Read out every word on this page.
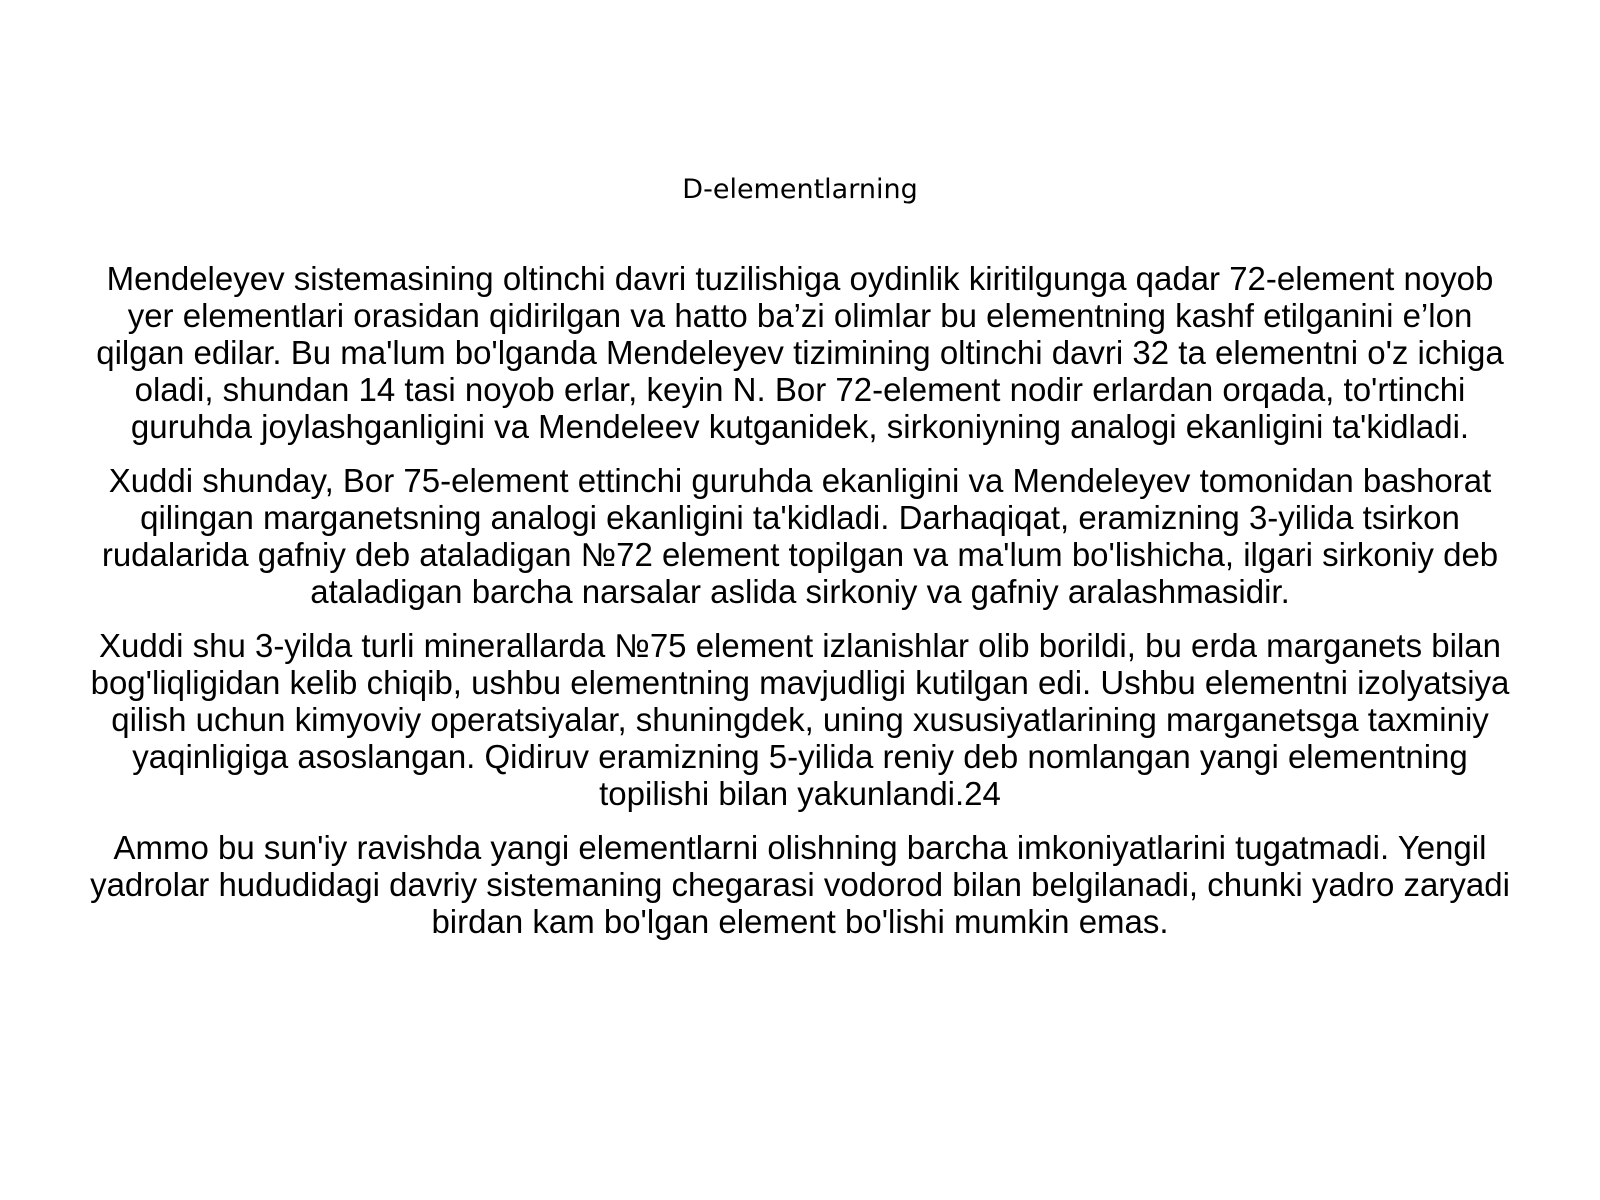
D-elementlarning

Mendeleyev sistemasining oltinchi davri tuzilishiga oydinlik kiritilgunga qadar 72-element noyob yer elementlari orasidan qidirilgan va hatto ba’zi olimlar bu elementning kashf etilganini e’lon qilgan edilar. Bu ma'lum bo'lganda Mendeleyev tizimining oltinchi davri 32 ta elementni o'z ichiga oladi, shundan 14 tasi noyob erlar, keyin N. Bor 72-element nodir erlardan orqada, to'rtinchi guruhda joylashganligini va Mendeleev kutganidek, sirkoniyning analogi ekanligini ta'kidladi.

Xuddi shunday, Bor 75-element ettinchi guruhda ekanligini va Mendeleyev tomonidan bashorat qilingan marganetsning analogi ekanligini ta'kidladi. Darhaqiqat, eramizning 3-yilida tsirkon rudalarida gafniy deb ataladigan №72 element topilgan va ma'lum bo'lishicha, ilgari sirkoniy deb ataladigan barcha narsalar aslida sirkoniy va gafniy aralashmasidir.

Xuddi shu 3-yilda turli minerallarda №75 element izlanishlar olib borildi, bu erda marganets bilan bog'liqligidan kelib chiqib, ushbu elementning mavjudligi kutilgan edi. Ushbu elementni izolyatsiya qilish uchun kimyoviy operatsiyalar, shuningdek, uning xususiyatlarining marganetsga taxminiy yaqinligiga asoslangan. Qidiruv eramizning 5-yilida reniy deb nomlangan yangi elementning topilishi bilan yakunlandi.24

Ammo bu sun'iy ravishda yangi elementlarni olishning barcha imkoniyatlarini tugatmadi. Yengil yadrolar hududidagi davriy sistemaning chegarasi vodorod bilan belgilanadi, chunki yadro zaryadi birdan kam bo'lgan element bo'lishi mumkin emas.
